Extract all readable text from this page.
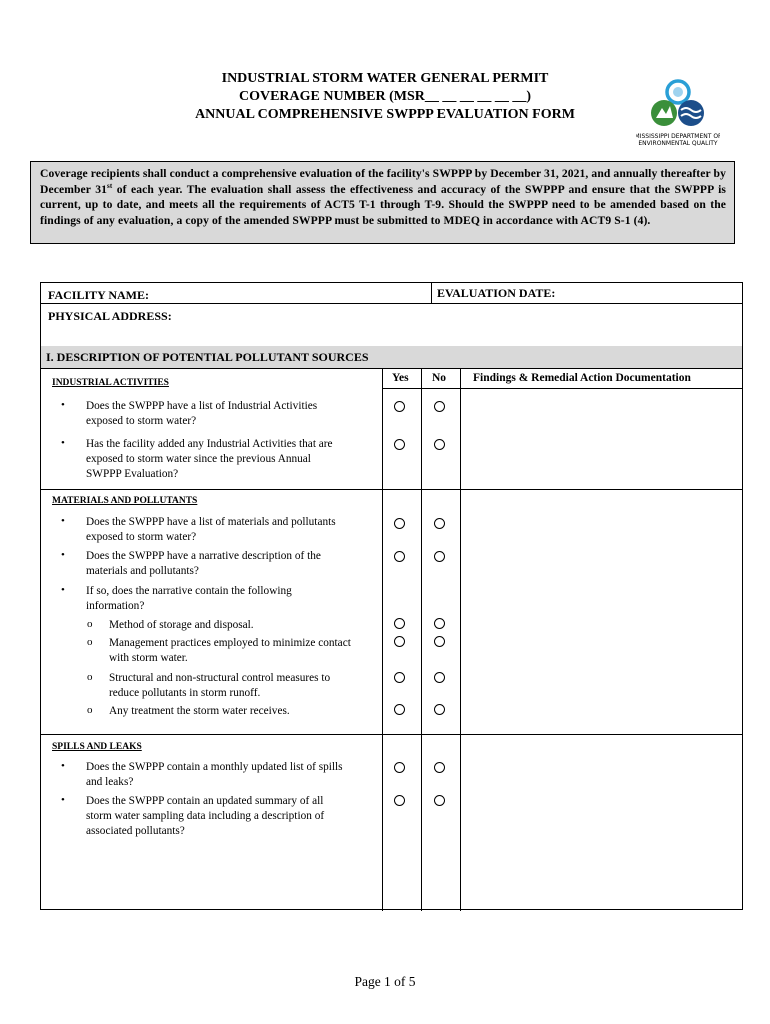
INDUSTRIAL STORM WATER GENERAL PERMIT
COVERAGE NUMBER (MSR__ __ __ __ __ __)
ANNUAL COMPREHENSIVE SWPPP EVALUATION FORM
MISSISSIPPI DEPARTMENT OF
ENVIRONMENTAL QUALITY
Coverage recipients shall conduct a comprehensive evaluation of the facility's SWPPP by December 31, 2021, and annually thereafter by December 31st of each year. The evaluation shall assess the effectiveness and accuracy of the SWPPP and ensure that the SWPPP is current, up to date, and meets all the requirements of ACT5 T-1 through T-9. Should the SWPPP need to be amended based on the findings of any evaluation, a copy of the amended SWPPP must be submitted to MDEQ in accordance with ACT9 S-1 (4).
FACILITY NAME:	EVALUATION DATE:
PHYSICAL ADDRESS:
I. DESCRIPTION OF POTENTIAL POLLUTANT SOURCES
Yes No Findings & Remedial Action Documentation
INDUSTRIAL ACTIVITIES
• Does the SWPPP have a list of Industrial Activities
exposed to storm water?
• Has the facility added any Industrial Activities that are
exposed to storm water since the previous Annual
SWPPP Evaluation?
MATERIALS AND POLLUTANTS
• Does the SWPPP have a list of materials and pollutants
exposed to storm water?
• Does the SWPPP have a narrative description of the
materials and pollutants?
• If so, does the narrative contain the following
information?
o Method of storage and disposal.
o Management practices employed to minimize contact
with storm water.
o Structural and non-structural control measures to
reduce pollutants in storm runoff.
o Any treatment the storm water receives.
SPILLS AND LEAKS
• Does the SWPPP contain a monthly updated list of spills
and leaks?
• Does the SWPPP contain an updated summary of all
storm water sampling data including a description of
associated pollutants?
Page 1 of 5
